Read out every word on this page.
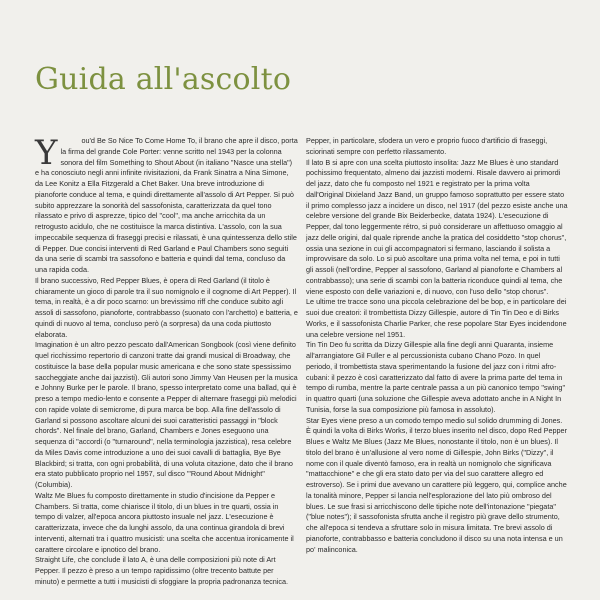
Guida all'ascolto

Y	ou'd Be So Nice To Come Home To, il brano che apre il disco, porta la firma del grande Cole Porter: venne scritto nel 1943 per la colonna sonora del film Something to Shout About (in italiano "Nasce una stella") e ha conosciuto negli anni infinite rivisitazioni, da Frank Sinatra a Nina Simone, da Lee Konitz a Ella Fitzgerald a Chet Baker. Una breve introduzione di pianoforte conduce al tema, e quindi direttamente all'assolo di Art Pepper. Si può subito apprezzare la sonorità del sassofonista, caratterizzata da quel tono rilassato e privo di asprezze, tipico del "cool", ma anche arricchita da un retrogusto acidulo, che ne costituisce la marca distintiva. L'assolo, con la sua impeccabile sequenza di fraseggi precisi e rilassati, è una quintessenza dello stile di Pepper. Due concisi interventi di Red Garland e Paul Chambers sono seguiti da una serie di scambi tra sassofono e batteria e quindi dal tema, concluso da una rapida coda.

Il brano successivo, Red Pepper Blues, è opera di Red Garland (il titolo è chiaramente un gioco di parole tra il suo nomignolo e il cognome di Art Pepper). Il tema, in realtà, è a dir poco scarno: un brevissimo riff che conduce subito agli assoli di sassofono, pianoforte, contrabbasso (suonato con l'archetto) e batteria, e quindi di nuovo al tema, concluso però (a sorpresa) da una coda piuttosto elaborata.

Imagination è un altro pezzo pescato dall'American Songbook (così viene definito quel ricchissimo repertorio di canzoni tratte dai grandi musical di Broadway, che costituisce la base della popular music americana e che sono state spessissimo saccheggiate anche dai jazzisti). Gli autori sono Jimmy Van Heusen per la musica e Johnny Burke per le parole. Il brano, spesso interpretato come una ballad, qui è preso a tempo medio-lento e consente a Pepper di alternare fraseggi più melodici con rapide volate di semicrome, di pura marca be bop. Alla fine dell'assolo di Garland si possono ascoltare alcuni dei suoi caratteristici passaggi in "block chords". Nel finale del brano, Garland, Chambers e Jones eseguono una sequenza di "accordi (o "turnaround", nella terminologia jazzistica), resa celebre da Miles Davis come introduzione a uno dei suoi cavalli di battaglia, Bye Bye Blackbird; si tratta, con ogni probabilità, di una voluta citazione, dato che il brano era stato pubblicato proprio nel 1957, sul disco "'Round About Midnight" (Columbia).

Waltz Me Blues fu composto direttamente in studio d'incisione da Pepper e Chambers. Si tratta, come chiarisce il titolo, di un blues in tre quarti, ossia in tempo di valzer, all'epoca ancora piuttosto insuale nel jazz. L'esecuzione è caratterizzata, invece che da lunghi assolo, da una continua girandola di brevi interventi, alternati tra i quattro musicisti: una scelta che accentua ironicamente il carattere circolare e ipnotico del brano.

Straight Life, che conclude il lato A, è una delle composizioni più note di Art Pepper. Il pezzo è preso a un tempo rapidissimo (oltre trecento battute per minuto) e permette a tutti i musicisti di sfoggiare la propria padronanza tecnica.

Pepper, in particolare, sfodera un vero e proprio fuoco d'artificio di fraseggi, sciorinati sempre con perfetto rilassamento.

Il lato B si apre con una scelta piuttosto insolita: Jazz Me Blues è uno standard pochissimo frequentato, almeno dai jazzisti moderni. Risale davvero ai primordi del jazz, dato che fu composto nel 1921 e registrato per la prima volta dall'Original Dixieland Jazz Band, un gruppo famoso soprattutto per essere stato il primo complesso jazz a incidere un disco, nel 1917 (del pezzo esiste anche una celebre versione del grande Bix Beiderbecke, datata 1924). L'esecuzione di Pepper, dal tono leggermente rétro, si può considerare un affettuoso omaggio al jazz delle origini, dal quale riprende anche la pratica del cosiddetto "stop chorus", ossia una sezione in cui gli accompagnatori si fermano, lasciando il solista a improvvisare da solo. Lo si può ascoltare una prima volta nel tema, e poi in tutti gli assoli (nell'ordine, Pepper al sassofono, Garland al pianoforte e Chambers al contrabbasso); una serie di scambi con la batteria riconduce quindi al tema, che viene esposto con delle variazioni e, di nuovo, con l'uso dello "stop chorus".

Le ultime tre tracce sono una piccola celebrazione del be bop, e in particolare dei suoi due creatori: il trombettista Dizzy Gillespie, autore di Tin Tin Deo e di Birks Works, e il sassofonista Charlie Parker, che rese popolare Star Eyes incidendone una celebre versione nel 1951.

Tin Tin Deo fu scritta da Dizzy Gillespie alla fine degli anni Quaranta, insieme all'arrangiatore Gil Fuller e al percussionista cubano Chano Pozo. In quel periodo, il trombettista stava sperimentando la fusione del jazz con i ritmi afro-cubani: il pezzo è così caratterizzato dal fatto di avere la prima parte del tema in tempo di rumba, mentre la parte centrale passa a un più canonico tempo "swing" in quattro quarti (una soluzione che Gillespie aveva adottato anche in A Night In Tunisia, forse la sua composizione più famosa in assoluto).

Star Eyes viene preso a un comodo tempo medio sul solido drumming di Jones. È quindi la volta di Birks Works, il terzo blues inserito nel disco, dopo Red Pepper Blues e Waltz Me Blues (Jazz Me Blues, nonostante il titolo, non è un blues). Il titolo del brano è un'allusione al vero nome di Gillespie, John Birks ("Dizzy", il nome con il quale diventò famoso, era in realtà un nomignolo che significava "mattacchione" e che gli era stato dato per via del suo carattere allegro ed estroverso). Se i primi due avevano un carattere più leggero, qui, complice anche la tonalità minore, Pepper si lancia nell'esplorazione del lato più ombroso del blues. Le sue frasi si arricchiscono delle tipiche note dell'intonazione "piegata" ("blue notes"); il sassofonista sfrutta anche il registro più grave dello strumento, che all'epoca si tendeva a sfruttare solo in misura limitata. Tre brevi assolo di pianoforte, contrabbasso e batteria concludono il disco su una nota intensa e un po' malinconica.
